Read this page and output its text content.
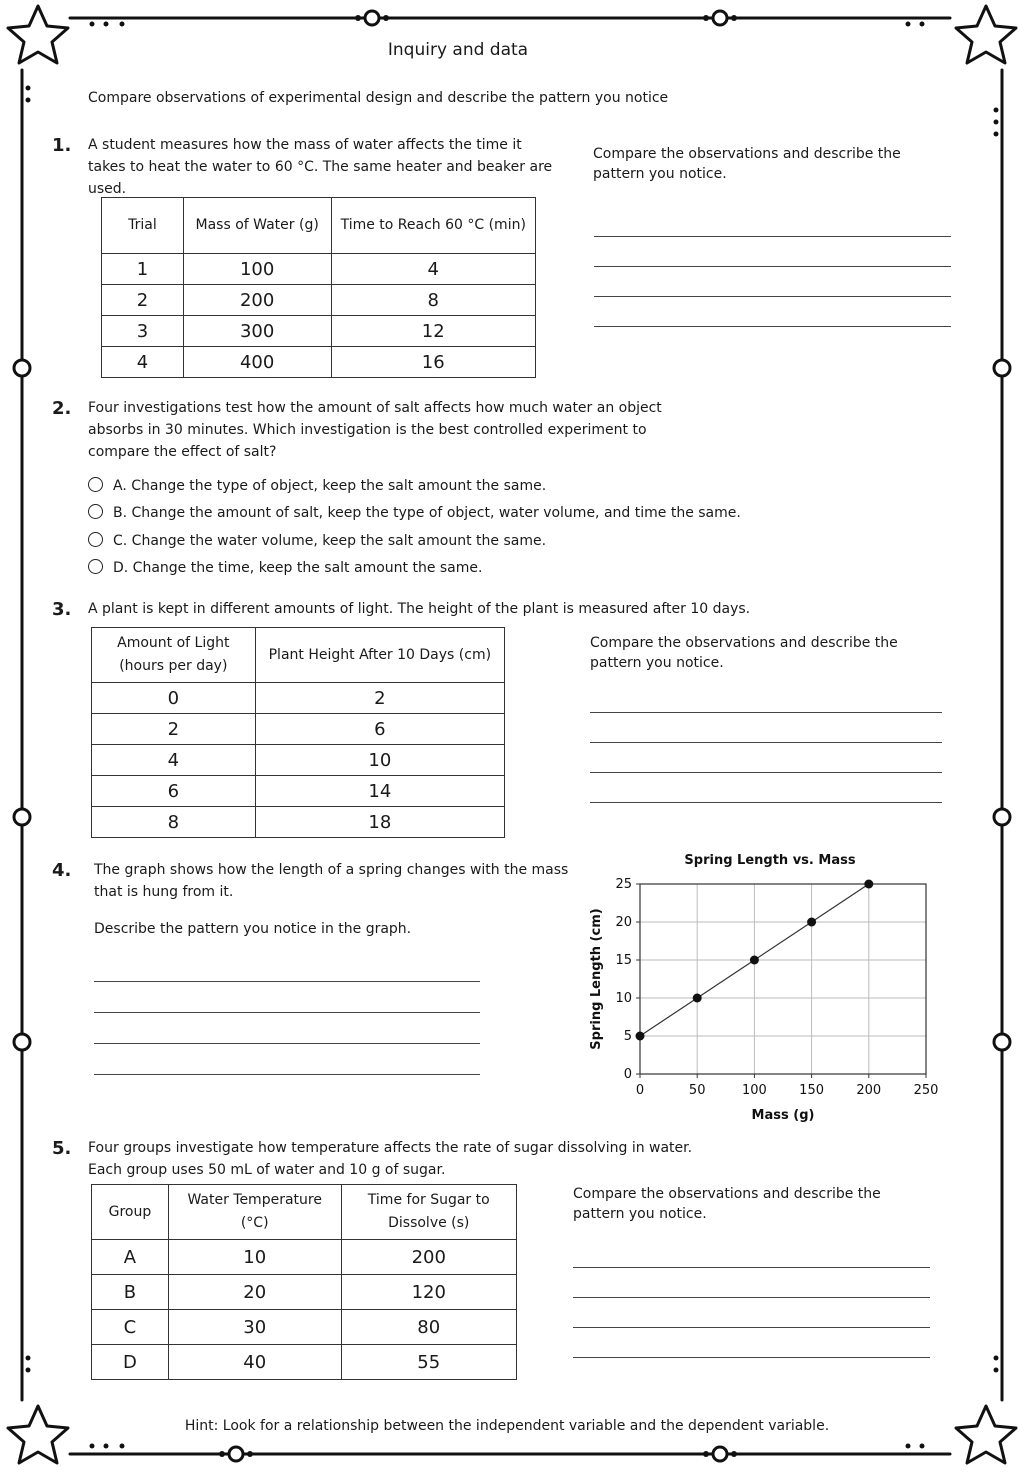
Inquiry and data
Compare observations of experimental design and describe the pattern you notice
1. A student measures how the mass of water affects the time it takes to heat the water to 60 °C. The same heater and beaker are used.
Trial	Mass of Water (g)	Time to Reach 60 °C (min)
1	100	4
2	200	8
3	300	12
4	400	16
Compare the observations and describe the pattern you notice.
2. Four investigations test how the amount of salt affects how much water an object absorbs in 30 minutes. Which investigation is the best controlled experiment to compare the effect of salt?
A. Change the type of object, keep the salt amount the same.
B. Change the amount of salt, keep the type of object, water volume, and time the same.
C. Change the water volume, keep the salt amount the same.
D. Change the time, keep the salt amount the same.
3. A plant is kept in different amounts of light. The height of the plant is measured after 10 days.
Amount of Light (hours per day)	Plant Height After 10 Days (cm)
0	2
2	6
4	10
6	14
8	18
Compare the observations and describe the pattern you notice.
4. The graph shows how the length of a spring changes with the mass that is hung from it.
Describe the pattern you notice in the graph.
Spring Length vs. Mass
0	50	100 150 200 250
0
5
10
15
20
25
Mass (g)
Spring Length (cm)
5. Four groups investigate how temperature affects the rate of sugar dissolving in water. Each group uses 50 mL of water and 10 g of sugar.
Group	Water Temperature (°C)	Time for Sugar to Dissolve (s)
A	10	200
B	20	120
C	30	80
D	40	55
Compare the observations and describe the pattern you notice.
Hint: Look for a relationship between the independent variable and the dependent variable.
